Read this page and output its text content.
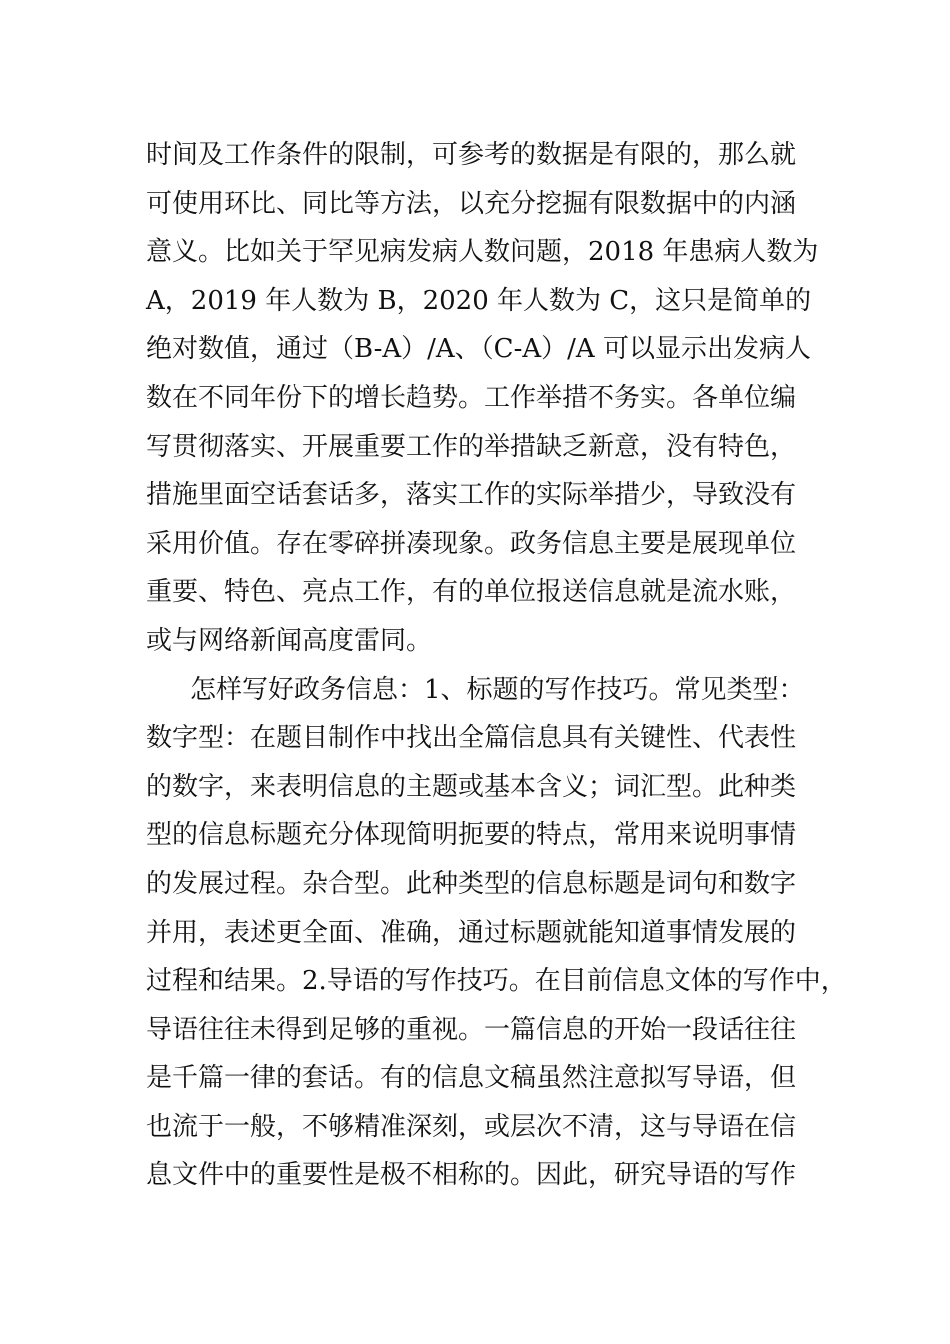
时间及工作条件的限制，可参考的数据是有限的，那么就
可使用环比、同比等方法，以充分挖掘有限数据中的内涵
意义。比如关于罕见病发病人数问题，2018 年患病人数为
A，2019 年人数为 B，2020 年人数为 C，这只是简单的
绝对数值，通过（B-A）/A、（C-A）/A 可以显示出发病人
数在不同年份下的增长趋势。工作举措不务实。各单位编
写贯彻落实、开展重要工作的举措缺乏新意，没有特色，
措施里面空话套话多，落实工作的实际举措少，导致没有
采用价值。存在零碎拼凑现象。政务信息主要是展现单位
重要、特色、亮点工作，有的单位报送信息就是流水账，
或与网络新闻高度雷同。
怎样写好政务信息：1、标题的写作技巧。常见类型：
数字型：在题目制作中找出全篇信息具有关键性、代表性
的数字，来表明信息的主题或基本含义；词汇型。此种类
型的信息标题充分体现简明扼要的特点，常用来说明事情
的发展过程。杂合型。此种类型的信息标题是词句和数字
并用，表述更全面、准确，通过标题就能知道事情发展的
过程和结果。2.导语的写作技巧。在目前信息文体的写作中，
导语往往未得到足够的重视。一篇信息的开始一段话往往
是千篇一律的套话。有的信息文稿虽然注意拟写导语，但
也流于一般，不够精准深刻，或层次不清，这与导语在信
息文件中的重要性是极不相称的。因此，研究导语的写作
